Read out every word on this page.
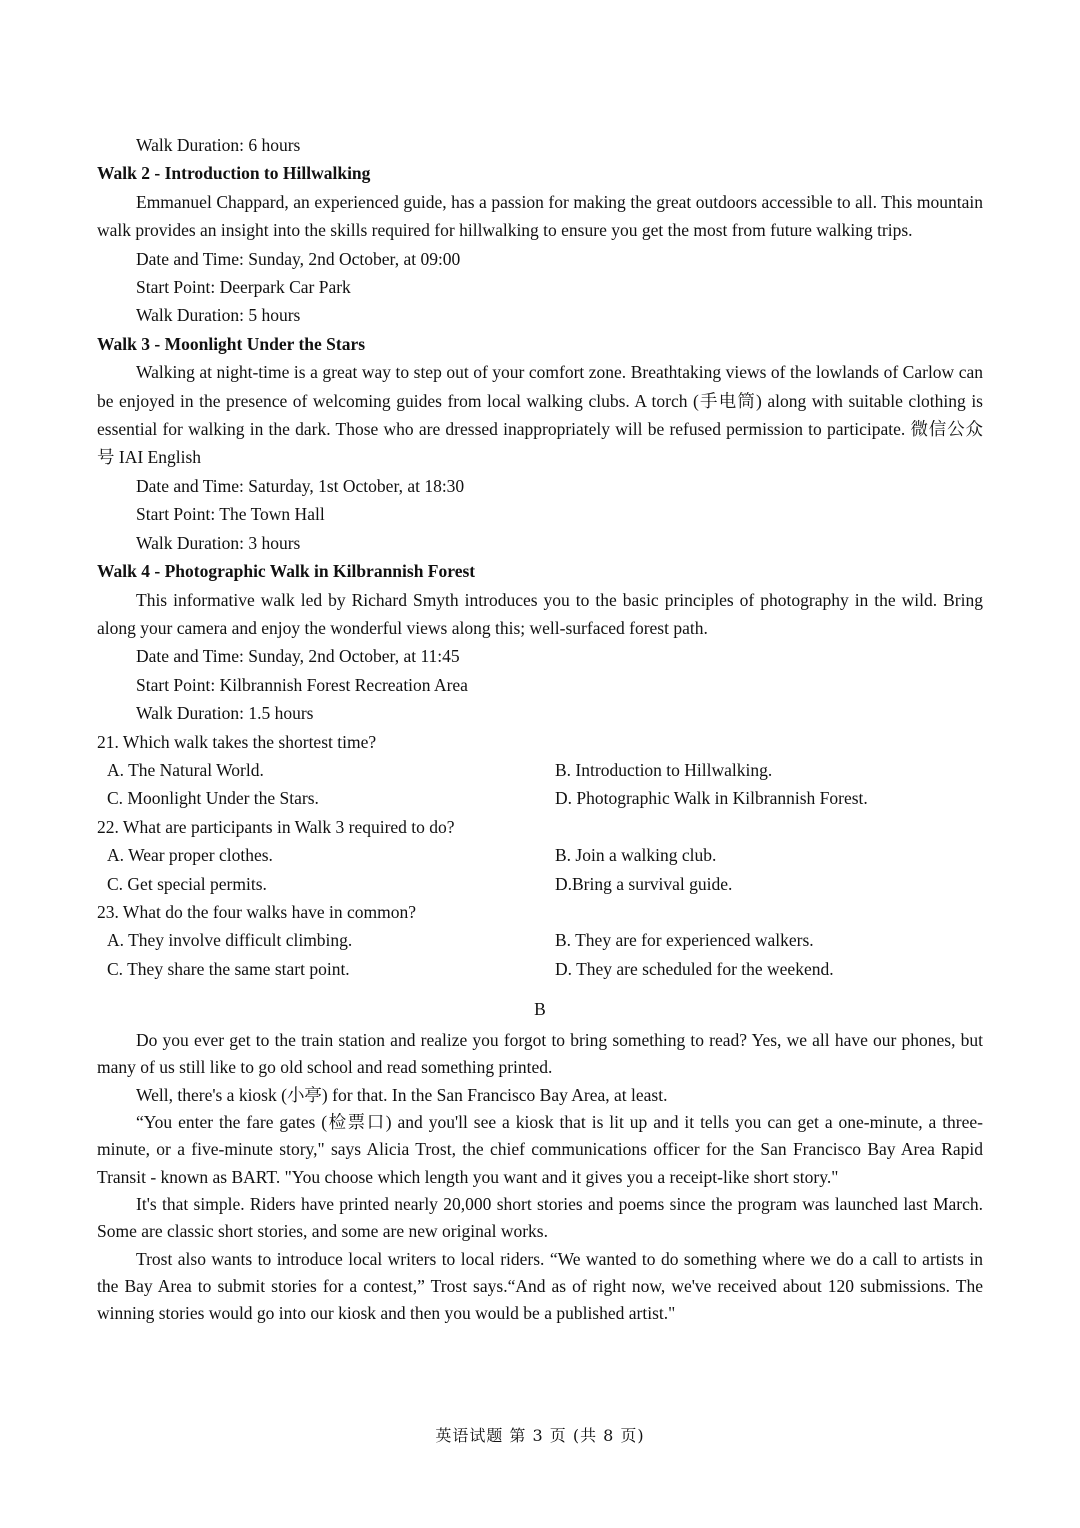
Walk Duration: 6 hours
Walk 2 - Introduction to Hillwalking
Emmanuel Chappard, an experienced guide, has a passion for making the great outdoors accessible to all. This mountain walk provides an insight into the skills required for hillwalking to ensure you get the most from future walking trips.
Date and Time: Sunday, 2nd October, at 09:00
Start Point: Deerpark Car Park
Walk Duration: 5 hours
Walk 3 - Moonlight Under the Stars
Walking at night-time is a great way to step out of your comfort zone. Breathtaking views of the lowlands of Carlow can be enjoyed in the presence of welcoming guides from local walking clubs. A torch (手电筒) along with suitable clothing is essential for walking in the dark. Those who are dressed inappropriately will be refused permission to participate. 微信公众号 IAI English
Date and Time: Saturday, 1st October, at 18:30
Start Point: The Town Hall
Walk Duration: 3 hours
Walk 4 - Photographic Walk in Kilbrannish Forest
This informative walk led by Richard Smyth introduces you to the basic principles of photography in the wild. Bring along your camera and enjoy the wonderful views along this; well-surfaced forest path.
Date and Time: Sunday, 2nd October, at 11:45
Start Point: Kilbrannish Forest Recreation Area
Walk Duration: 1.5 hours
21. Which walk takes the shortest time?
A. The Natural World.	B. Introduction to Hillwalking.
C. Moonlight Under the Stars.	D. Photographic Walk in Kilbrannish Forest.
22. What are participants in Walk 3 required to do?
A. Wear proper clothes.	B. Join a walking club.
C. Get special permits.	D.Bring a survival guide.
23. What do the four walks have in common?
A. They involve difficult climbing.	B. They are for experienced walkers.
C. They share the same start point.	D. They are scheduled for the weekend.
B
Do you ever get to the train station and realize you forgot to bring something to read? Yes, we all have our phones, but many of us still like to go old school and read something printed.
Well, there's a kiosk (小亭) for that. In the San Francisco Bay Area, at least.
“You enter the fare gates (检票口) and you'll see a kiosk that is lit up and it tells you can get a one-minute, a three-minute, or a five-minute story," says Alicia Trost, the chief communications officer for the San Francisco Bay Area Rapid Transit - known as BART. "You choose which length you want and it gives you a receipt-like short story."
It's that simple. Riders have printed nearly 20,000 short stories and poems since the program was launched last March. Some are classic short stories, and some are new original works.
Trost also wants to introduce local writers to local riders. “We wanted to do something where we do a call to artists in the Bay Area to submit stories for a contest,” Trost says.“And as of right now, we've received about 120 submissions. The winning stories would go into our kiosk and then you would be a published artist."
英语试题 第 3 页 (共 8 页)
